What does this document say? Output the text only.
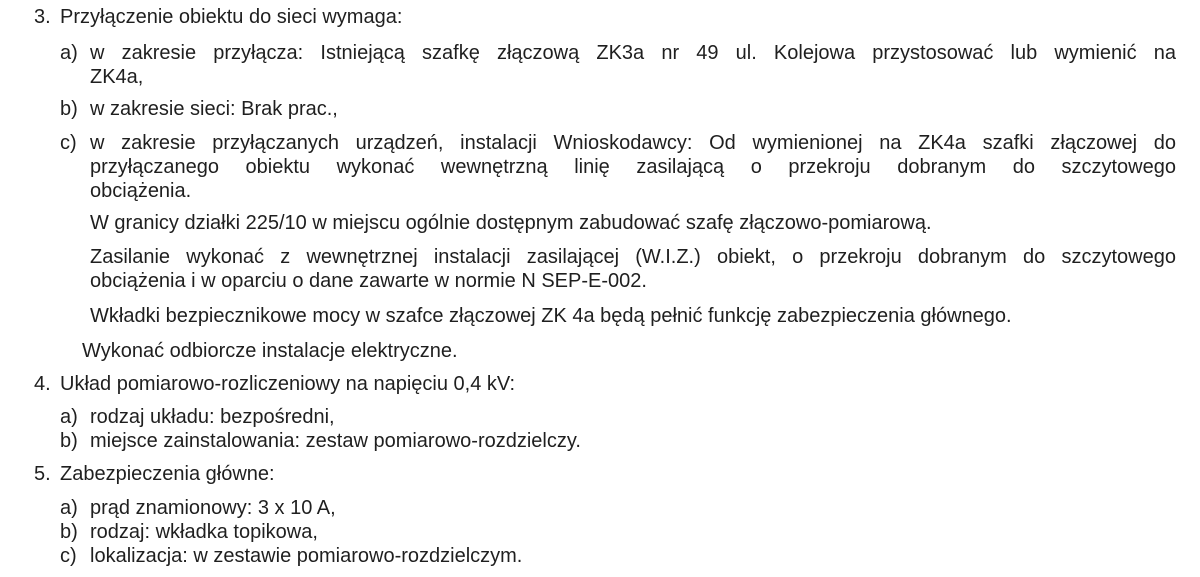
3. Przyłączenie obiektu do sieci wymaga:
a) w zakresie przyłącza: Istniejącą szafkę złączową ZK3a nr 49 ul. Kolejowa przystosować lub wymienić na
ZK4a,
b) w zakresie sieci: Brak prac.,
c) w zakresie przyłączanych urządzeń, instalacji Wnioskodawcy: Od wymienionej na ZK4a szafki złączowej do
przyłączanego obiektu wykonać wewnętrzną linię zasilającą o przekroju dobranym do szczytowego
obciążenia.
W granicy działki 225/10 w miejscu ogólnie dostępnym zabudować szafę złączowo-pomiarową.
Zasilanie wykonać z wewnętrznej instalacji zasilającej (W.I.Z.) obiekt, o przekroju dobranym do szczytowego
obciążenia i w oparciu o dane zawarte w normie N SEP-E-002.
Wkładki bezpiecznikowe mocy w szafce złączowej ZK 4a będą pełnić funkcję zabezpieczenia głównego.
Wykonać odbiorcze instalacje elektryczne.
4. Układ pomiarowo-rozliczeniowy na napięciu 0,4 kV:
a) rodzaj układu: bezpośredni,
b) miejsce zainstalowania: zestaw pomiarowo-rozdzielczy.
5. Zabezpieczenia główne:
a) prąd znamionowy: 3 x 10 A,
b) rodzaj: wkładka topikowa,
c) lokalizacja: w zestawie pomiarowo-rozdzielczym.
